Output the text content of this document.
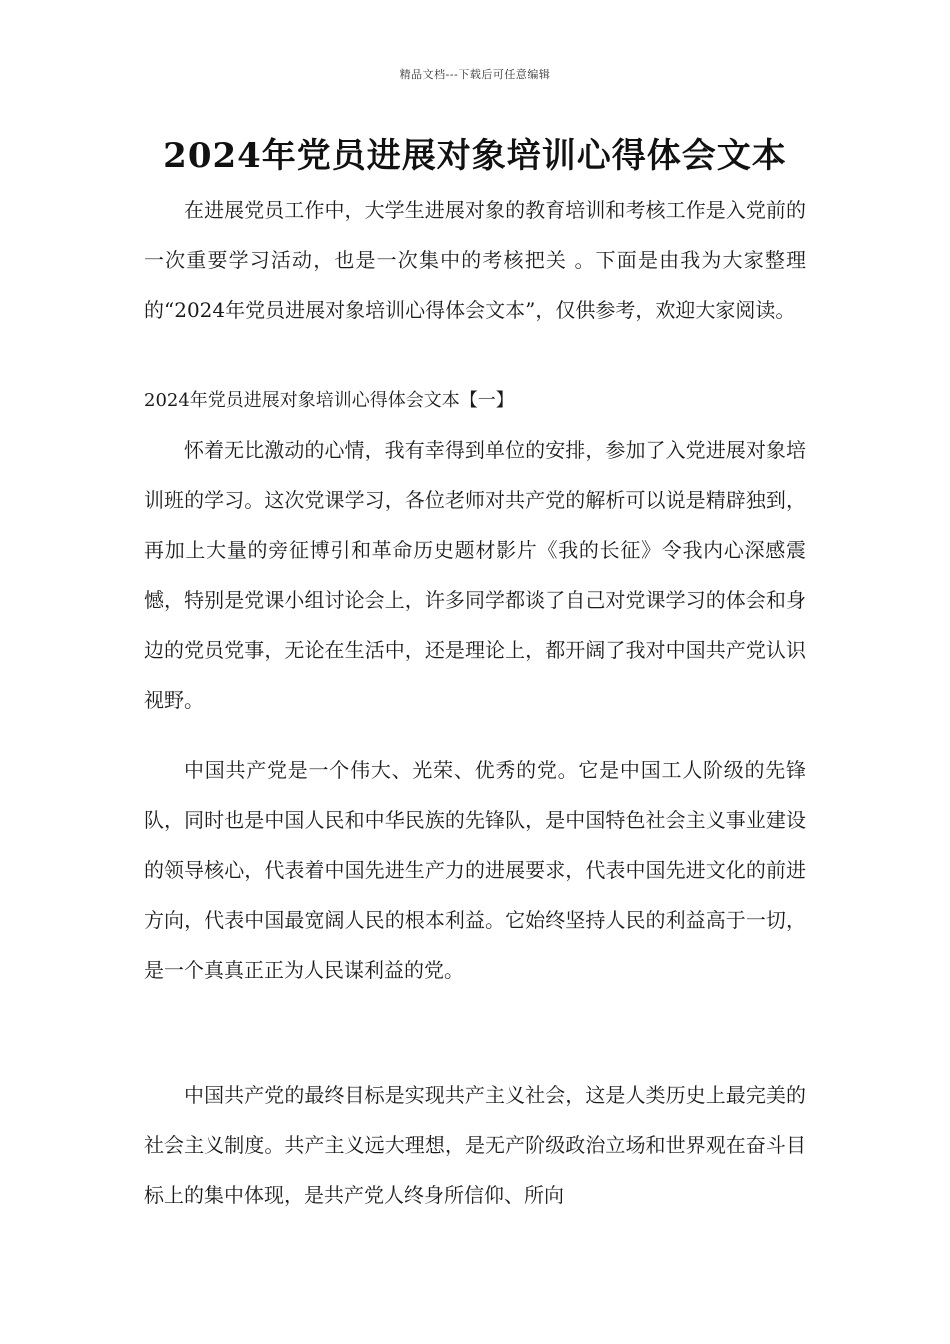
精品文档---下载后可任意编辑
2024年党员进展对象培训心得体会文本

在进展党员工作中，大学生进展对象的教育培训和考核工作是入党前的一次重要学习活动，也是一次集中的考核把关 。下面是由我为大家整理的“2024年党员进展对象培训心得体会文本”，仅供参考，欢迎大家阅读。

2024年党员进展对象培训心得体会文本【一】

怀着无比激动的心情，我有幸得到单位的安排，参加了入党进展对象培训班的学习。这次党课学习，各位老师对共产党的解析可以说是精辟独到，再加上大量的旁征博引和革命历史题材影片《我的长征》令我内心深感震憾，特别是党课小组讨论会上，许多同学都谈了自己对党课学习的体会和身边的党员党事，无论在生活中，还是理论上，都开阔了我对中国共产党认识视野。

中国共产党是一个伟大、光荣、优秀的党。它是中国工人阶级的先锋队，同时也是中国人民和中华民族的先锋队，是中国特色社会主义事业建设的领导核心，代表着中国先进生产力的进展要求，代表中国先进文化的前进方向，代表中国最宽阔人民的根本利益。它始终坚持人民的利益高于一切，是一个真真正正为人民谋利益的党。

中国共产党的最终目标是实现共产主义社会，这是人类历史上最完美的社会主义制度。共产主义远大理想，是无产阶级政治立场和世界观在奋斗目标上的集中体现，是共产党人终身所信仰、所向
